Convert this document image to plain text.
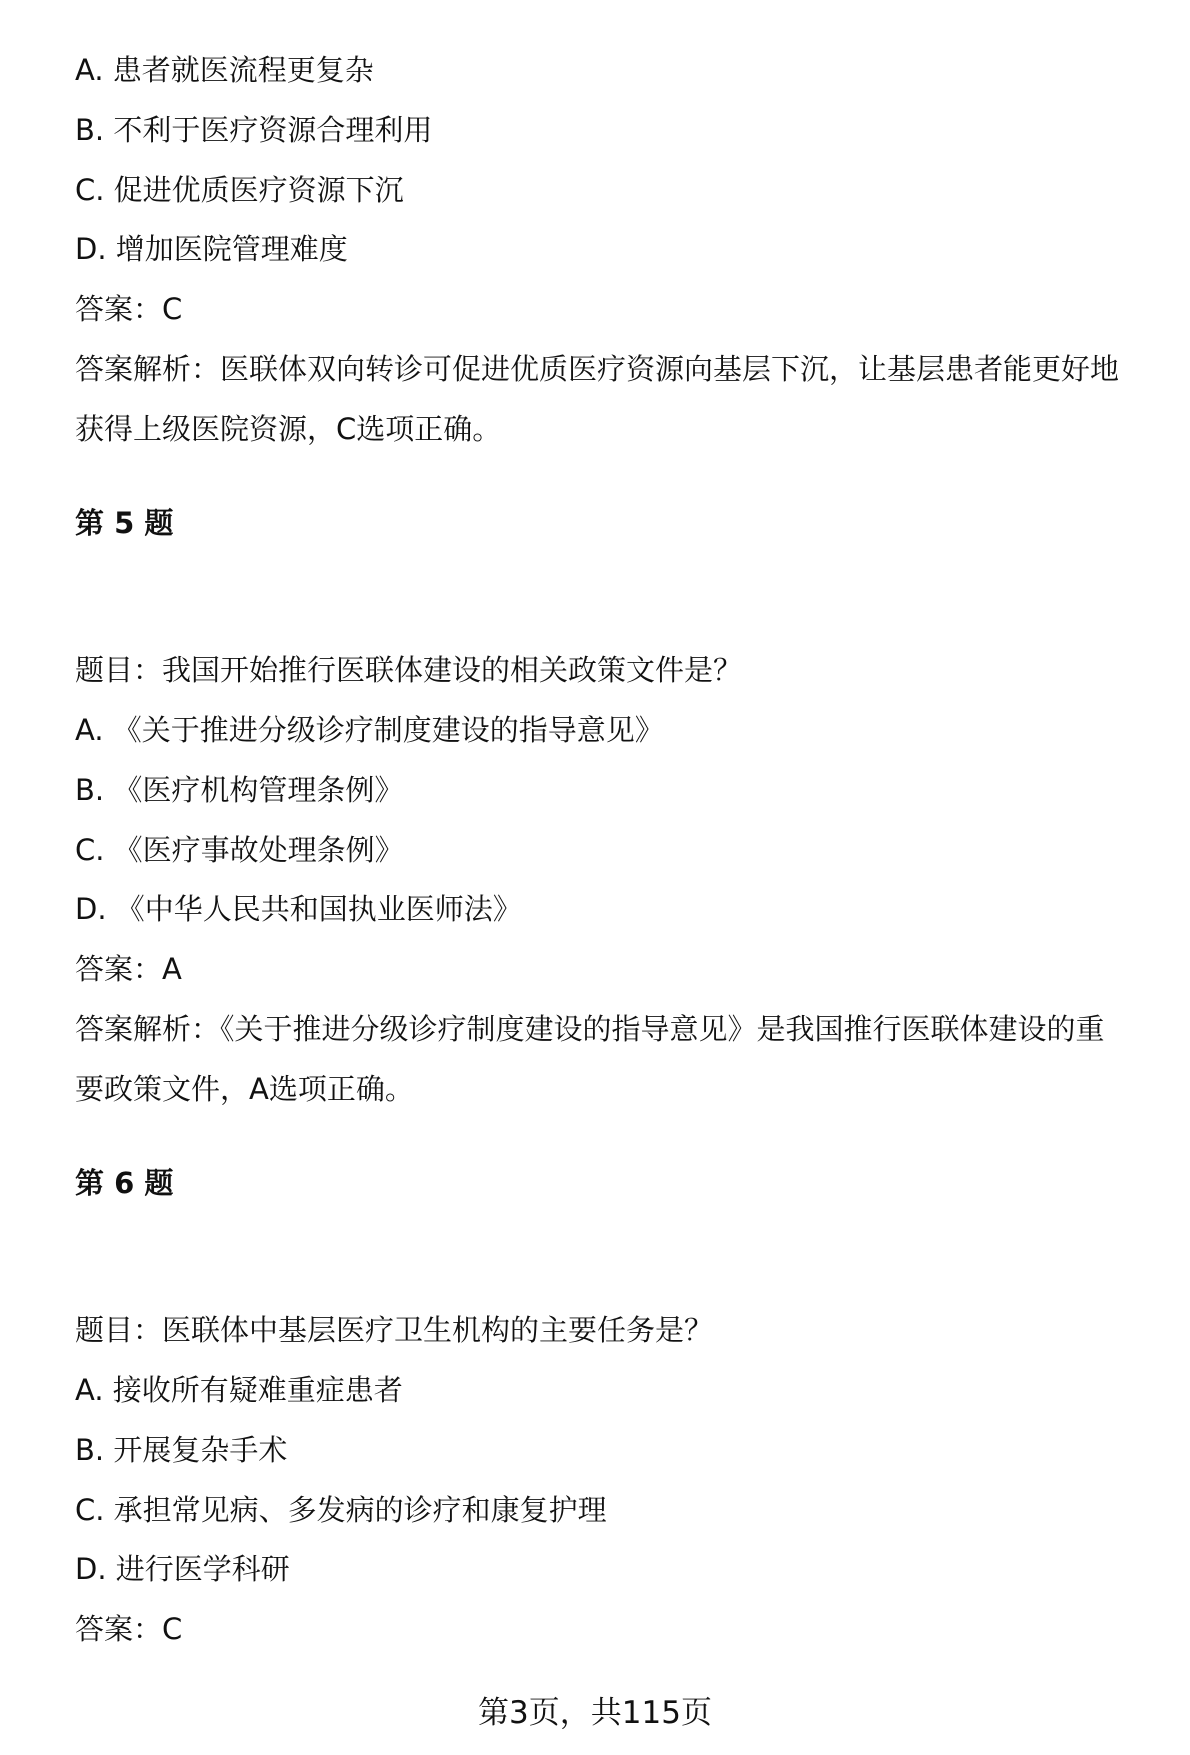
A. 患者就医流程更复杂
B. 不利于医疗资源合理利用
C. 促进优质医疗资源下沉
D. 增加医院管理难度
答案：C
答案解析：医联体双向转诊可促进优质医疗资源向基层下沉，让基层患者能更好地
获得上级医院资源，C选项正确。
第 5 题
题目：我国开始推行医联体建设的相关政策文件是？
A. 《关于推进分级诊疗制度建设的指导意见》
B. 《医疗机构管理条例》
C. 《医疗事故处理条例》
D. 《中华人民共和国执业医师法》
答案：A
答案解析：《关于推进分级诊疗制度建设的指导意见》是我国推行医联体建设的重
要政策文件，A选项正确。
第 6 题
题目：医联体中基层医疗卫生机构的主要任务是？
A. 接收所有疑难重症患者
B. 开展复杂手术
C. 承担常见病、多发病的诊疗和康复护理
D. 进行医学科研
答案：C
第3页，共115页
